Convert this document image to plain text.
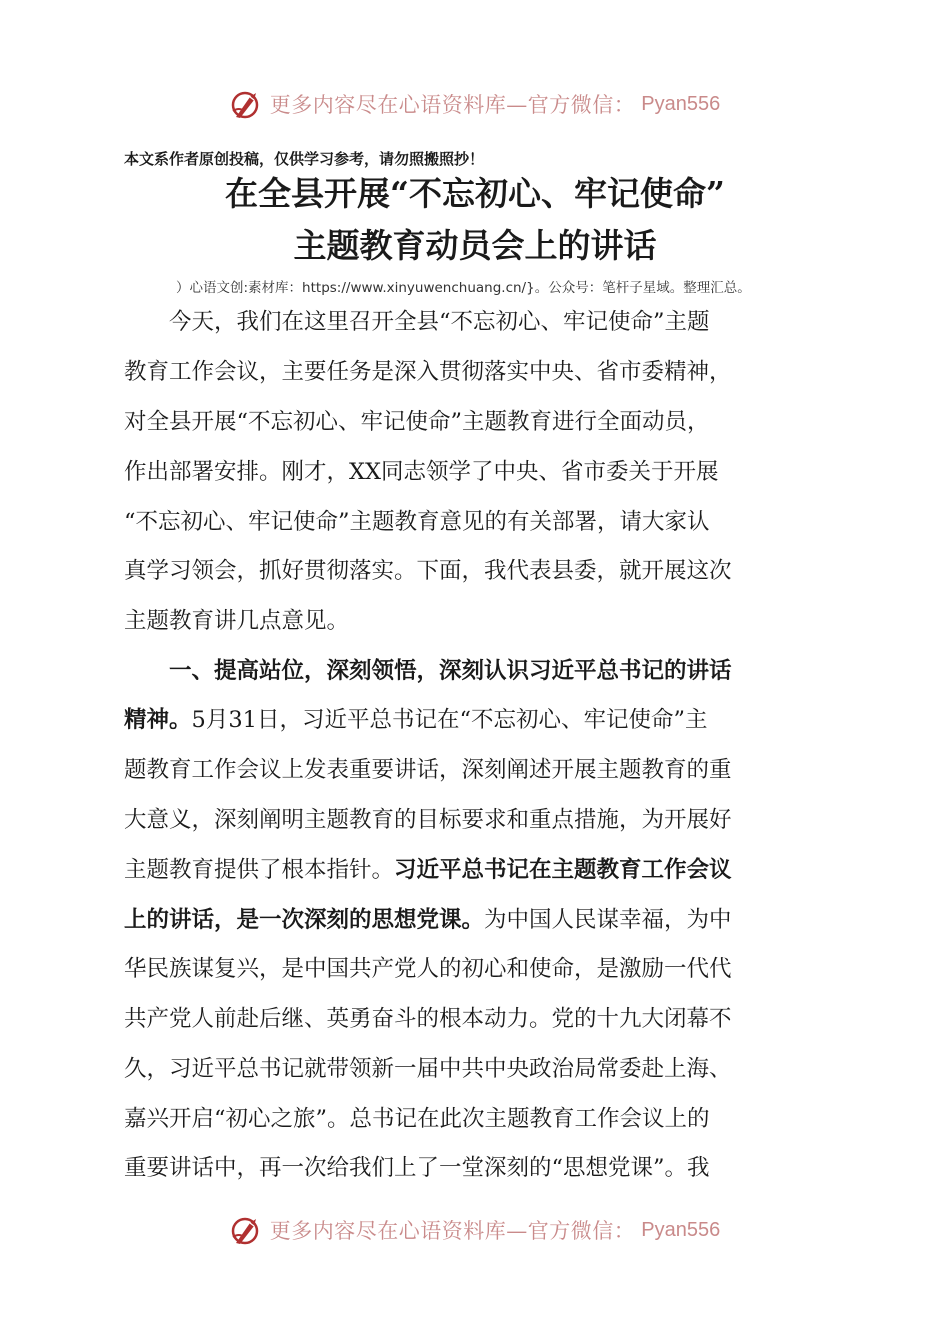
更多内容尽在心语资料库—官方微信： Pyan556
本文系作者原创投稿，仅供学习参考，请勿照搬照抄！
在全县开展“不忘初心、牢记使命”
主题教育动员会上的讲话
）心语文创:素材库：https://www.xinyuwenchuang.cn/}。公众号：笔杆子星域。整理汇总。
　　今天，我们在这里召开全县“不忘初心、牢记使命”主题
教育工作会议，主要任务是深入贯彻落实中央、省市委精神，
对全县开展“不忘初心、牢记使命”主题教育进行全面动员，
作出部署安排。刚才，XX同志领学了中央、省市委关于开展
“不忘初心、牢记使命”主题教育意见的有关部署，请大家认
真学习领会，抓好贯彻落实。下面，我代表县委，就开展这次
主题教育讲几点意见。
　　一、提高站位，深刻领悟，深刻认识习近平总书记的讲话
精神。5月31日，习近平总书记在“不忘初心、牢记使命”主
题教育工作会议上发表重要讲话，深刻阐述开展主题教育的重
大意义，深刻阐明主题教育的目标要求和重点措施，为开展好
主题教育提供了根本指针。习近平总书记在主题教育工作会议
上的讲话，是一次深刻的思想党课。为中国人民谋幸福，为中
华民族谋复兴，是中国共产党人的初心和使命，是激励一代代
共产党人前赴后继、英勇奋斗的根本动力。党的十九大闭幕不
久，习近平总书记就带领新一届中共中央政治局常委赴上海、
嘉兴开启“初心之旅”。总书记在此次主题教育工作会议上的
重要讲话中，再一次给我们上了一堂深刻的“思想党课”。我
更多内容尽在心语资料库—官方微信： Pyan556
